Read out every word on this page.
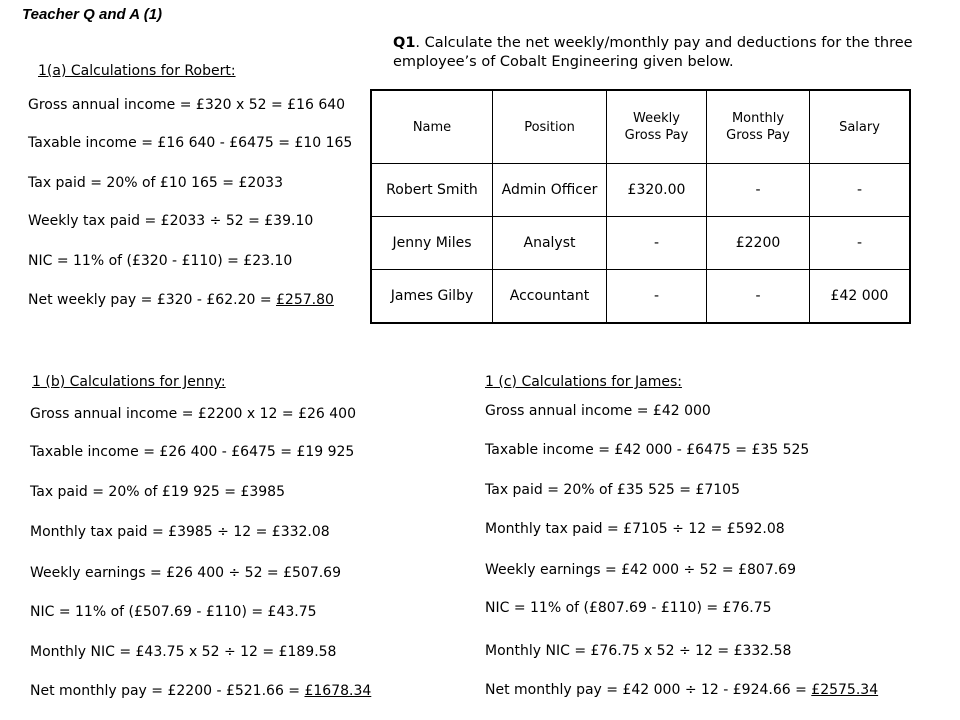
Teacher Q and A (1)
Q1. Calculate the net weekly/monthly pay and deductions for the three employee’s of Cobalt Engineering given below.
1(a) Calculations for Robert:
Gross annual income = £320 x 52 = £16 640
Taxable income = £16 640 - £6475 = £10 165
Tax paid = 20% of £10 165 = £2033
Weekly tax paid = £2033 ÷ 52 = £39.10
NIC = 11% of (£320 - £110) = £23.10
Net weekly pay = £320 - £62.20 = £257.80
Name	Position	Weekly Gross Pay	Monthly Gross Pay	Salary
Robert Smith	Admin Officer	£320.00	-	-
Jenny Miles	Analyst	-	£2200	-
James Gilby	Accountant	-	-	£42 000
1 (b) Calculations for Jenny:
Gross annual income = £2200 x 12 = £26 400
Taxable income = £26 400 - £6475 = £19 925
Tax paid = 20% of £19 925 = £3985
Monthly tax paid = £3985 ÷ 12 = £332.08
Weekly earnings = £26 400 ÷ 52 = £507.69
NIC = 11% of (£507.69 - £110) = £43.75
Monthly NIC = £43.75 x 52 ÷ 12 = £189.58
Net monthly pay = £2200 - £521.66 = £1678.34
1 (c) Calculations for James:
Gross annual income = £42 000
Taxable income = £42 000 - £6475 = £35 525
Tax paid = 20% of £35 525 = £7105
Monthly tax paid = £7105 ÷ 12 = £592.08
Weekly earnings = £42 000 ÷ 52 = £807.69
NIC = 11% of (£807.69 - £110) = £76.75
Monthly NIC = £76.75 x 52 ÷ 12 = £332.58
Net monthly pay = £42 000 ÷ 12 - £924.66 = £2575.34
